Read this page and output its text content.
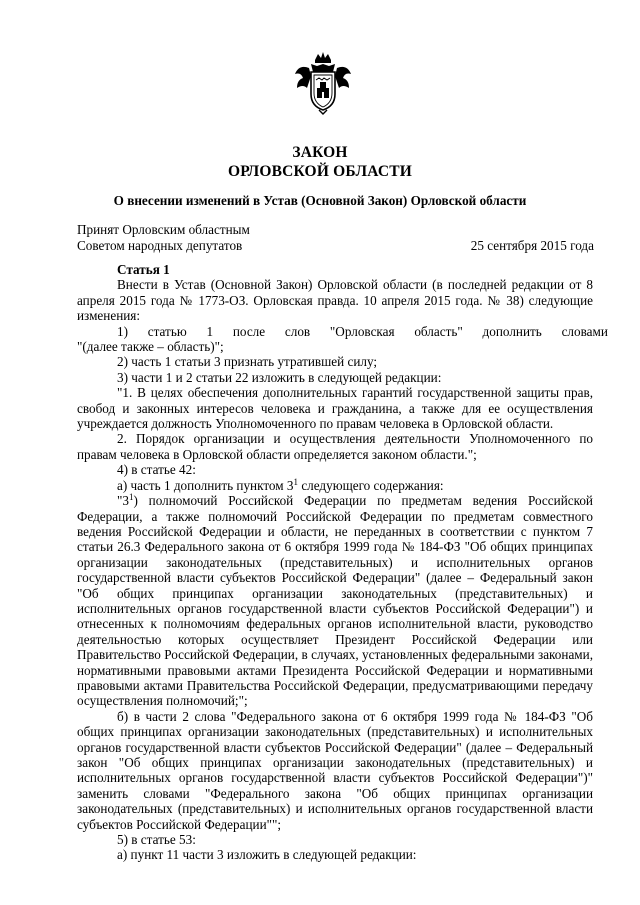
ЗАКОН
ОРЛОВСКОЙ ОБЛАСТИ
О внесении изменений в Устав (Основной Закон) Орловской области
Принят Орловским областным
Советом народных депутатов	25 сентября 2015 года

Статья 1

Внести в Устав (Основной Закон) Орловской области (в последней редакции от 8 апреля 2015 года № 1773-ОЗ. Орловская правда. 10 апреля 2015 года. № 38) следующие изменения:

1)      статью      1      после      слов      "Орловская      область"      дополнить      словами

"(далее также – область)";

2) часть 1 статьи 3 признать утратившей силу;

3) части 1 и 2 статьи 22 изложить в следующей редакции:

"1. В целях обеспечения дополнительных гарантий государственной защиты прав, свобод и законных интересов человека и гражданина, а также для ее осуществления учреждается должность Уполномоченного по правам человека в Орловской области.

2. Порядок организации и осуществления деятельности Уполномоченного по правам человека в Орловской области определяется законом области.";

4) в статье 42:

а) часть 1 дополнить пунктом $3^1$ следующего содержания:

"$3^1$) полномочий Российской Федерации по предметам ведения Российской Федерации, а также полномочий Российской Федерации по предметам совместного ведения Российской Федерации и области, не переданных в соответствии с пунктом 7 статьи 26.3 Федерального закона от 6 октября 1999 года № 184-ФЗ "Об общих принципах организации законодательных (представительных) и исполнительных органов государственной власти субъектов Российской Федерации" (далее – Федеральный закон "Об общих принципах организации законодательных (представительных) и исполнительных органов государственной власти субъектов Российской Федерации") и отнесенных к полномочиям федеральных органов исполнительной власти, руководство деятельностью которых осуществляет Президент Российской Федерации или Правительство Российской Федерации, в случаях, установленных федеральными законами, нормативными правовыми актами Президента Российской Федерации и нормативными правовыми актами Правительства Российской Федерации, предусматривающими передачу осуществления полномочий;";

б) в части 2 слова "Федерального закона от 6 октября 1999 года № 184-ФЗ "Об общих принципах организации законодательных (представительных) и исполнительных органов государственной власти субъектов Российской Федерации" (далее – Федеральный закон "Об общих принципах организации законодательных (представительных) и исполнительных органов государственной власти субъектов Российской Федерации")" заменить словами "Федерального закона "Об общих принципах организации законодательных (представительных) и исполнительных органов государственной власти субъектов Российской Федерации"";

5) в статье 53:

а) пункт 11 части 3 изложить в следующей редакции:
